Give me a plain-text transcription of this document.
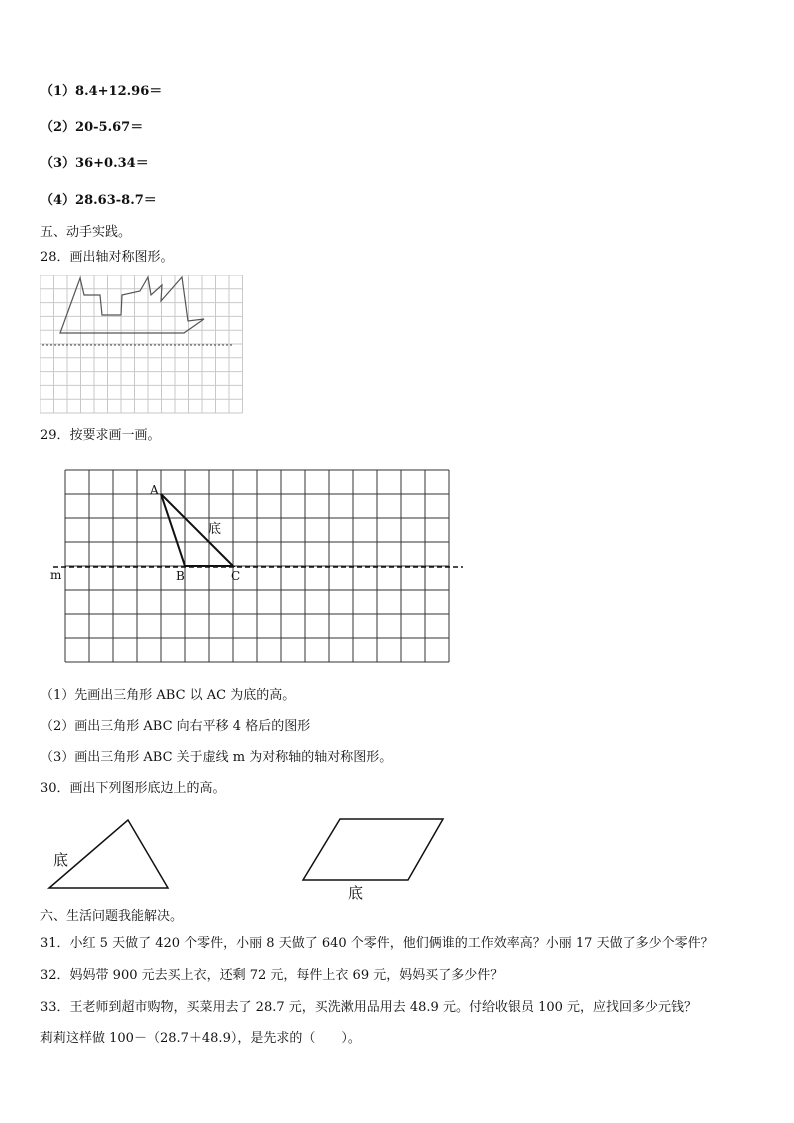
（1）8.4+12.96＝
（2）20-5.67＝
（3）36+0.34＝
（4）28.63-8.7＝
五、动手实践。
28．画出轴对称图形。
29．按要求画一画。
A
B	C
底
m
（1）先画出三角形 ABC 以 AC 为底的高。
（2）画出三角形 ABC 向右平移 4 格后的图形
（3）画出三角形 ABC 关于虚线 m 为对称轴的轴对称图形。
30．画出下列图形底边上的高。
底
底
六、生活问题我能解决。
31．小红 5 天做了 420 个零件，小丽 8 天做了 640 个零件，他们俩谁的工作效率高？小丽 17 天做了多少个零件？
32．妈妈带 900 元去买上衣，还剩 72 元，每件上衣 69 元，妈妈买了多少件？
33．王老师到超市购物，买菜用去了 28.7 元，买洗漱用品用去 48.9 元。付给收银员 100 元，应找回多少元钱？
莉莉这样做 100－（28.7＋48.9），是先求的（　　）。
